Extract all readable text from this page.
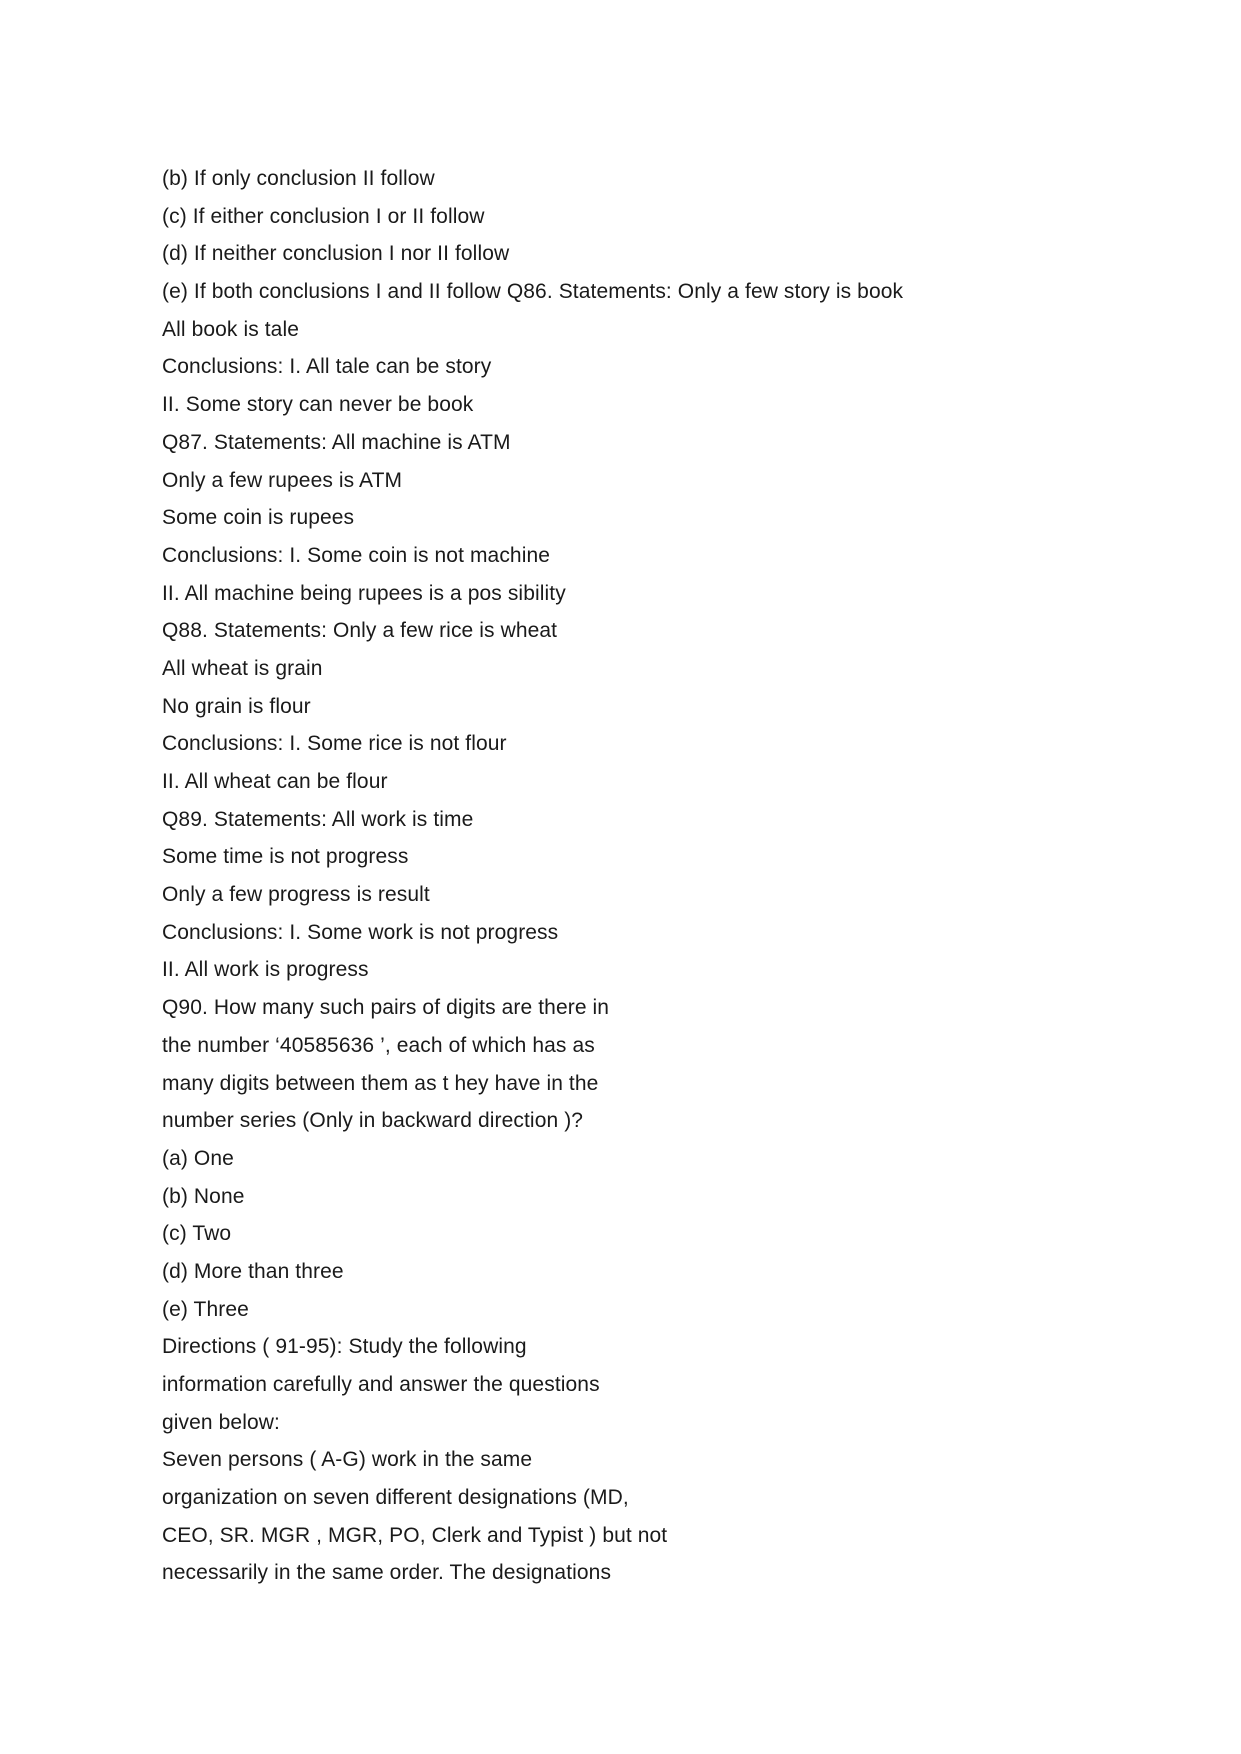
(b) If only conclusion II follow
(c) If either conclusion I or II follow
(d) If neither conclusion I nor II follow
(e) If both conclusions I and II follow Q86. Statements: Only a few story is book
All book is tale
Conclusions: I. All tale can be story
II. Some story can never be book
Q87. Statements: All machine is ATM
Only a few rupees is ATM
Some coin is rupees
Conclusions: I. Some coin is not machine
II. All machine being rupees is a pos sibility
Q88. Statements: Only a few rice is wheat
All wheat is grain
No grain is flour
Conclusions: I. Some rice is not flour
II. All wheat can be flour
Q89. Statements: All work is time
Some time is not progress
Only a few progress is result
Conclusions: I. Some work is not progress
II. All work is progress
Q90. How many such pairs of digits are there in
the number ‘40585636 ’, each of which has as
many digits between them as t hey have in the
number series (Only in backward direction )?
(a) One
(b) None
(c) Two
(d) More than three
(e) Three
Directions ( 91-95): Study the following
information carefully and answer the questions
given below:
Seven persons ( A-G) work in the same
organization on seven different designations (MD,
CEO, SR. MGR , MGR, PO, Clerk and Typist ) but not
necessarily in the same order. The designations
